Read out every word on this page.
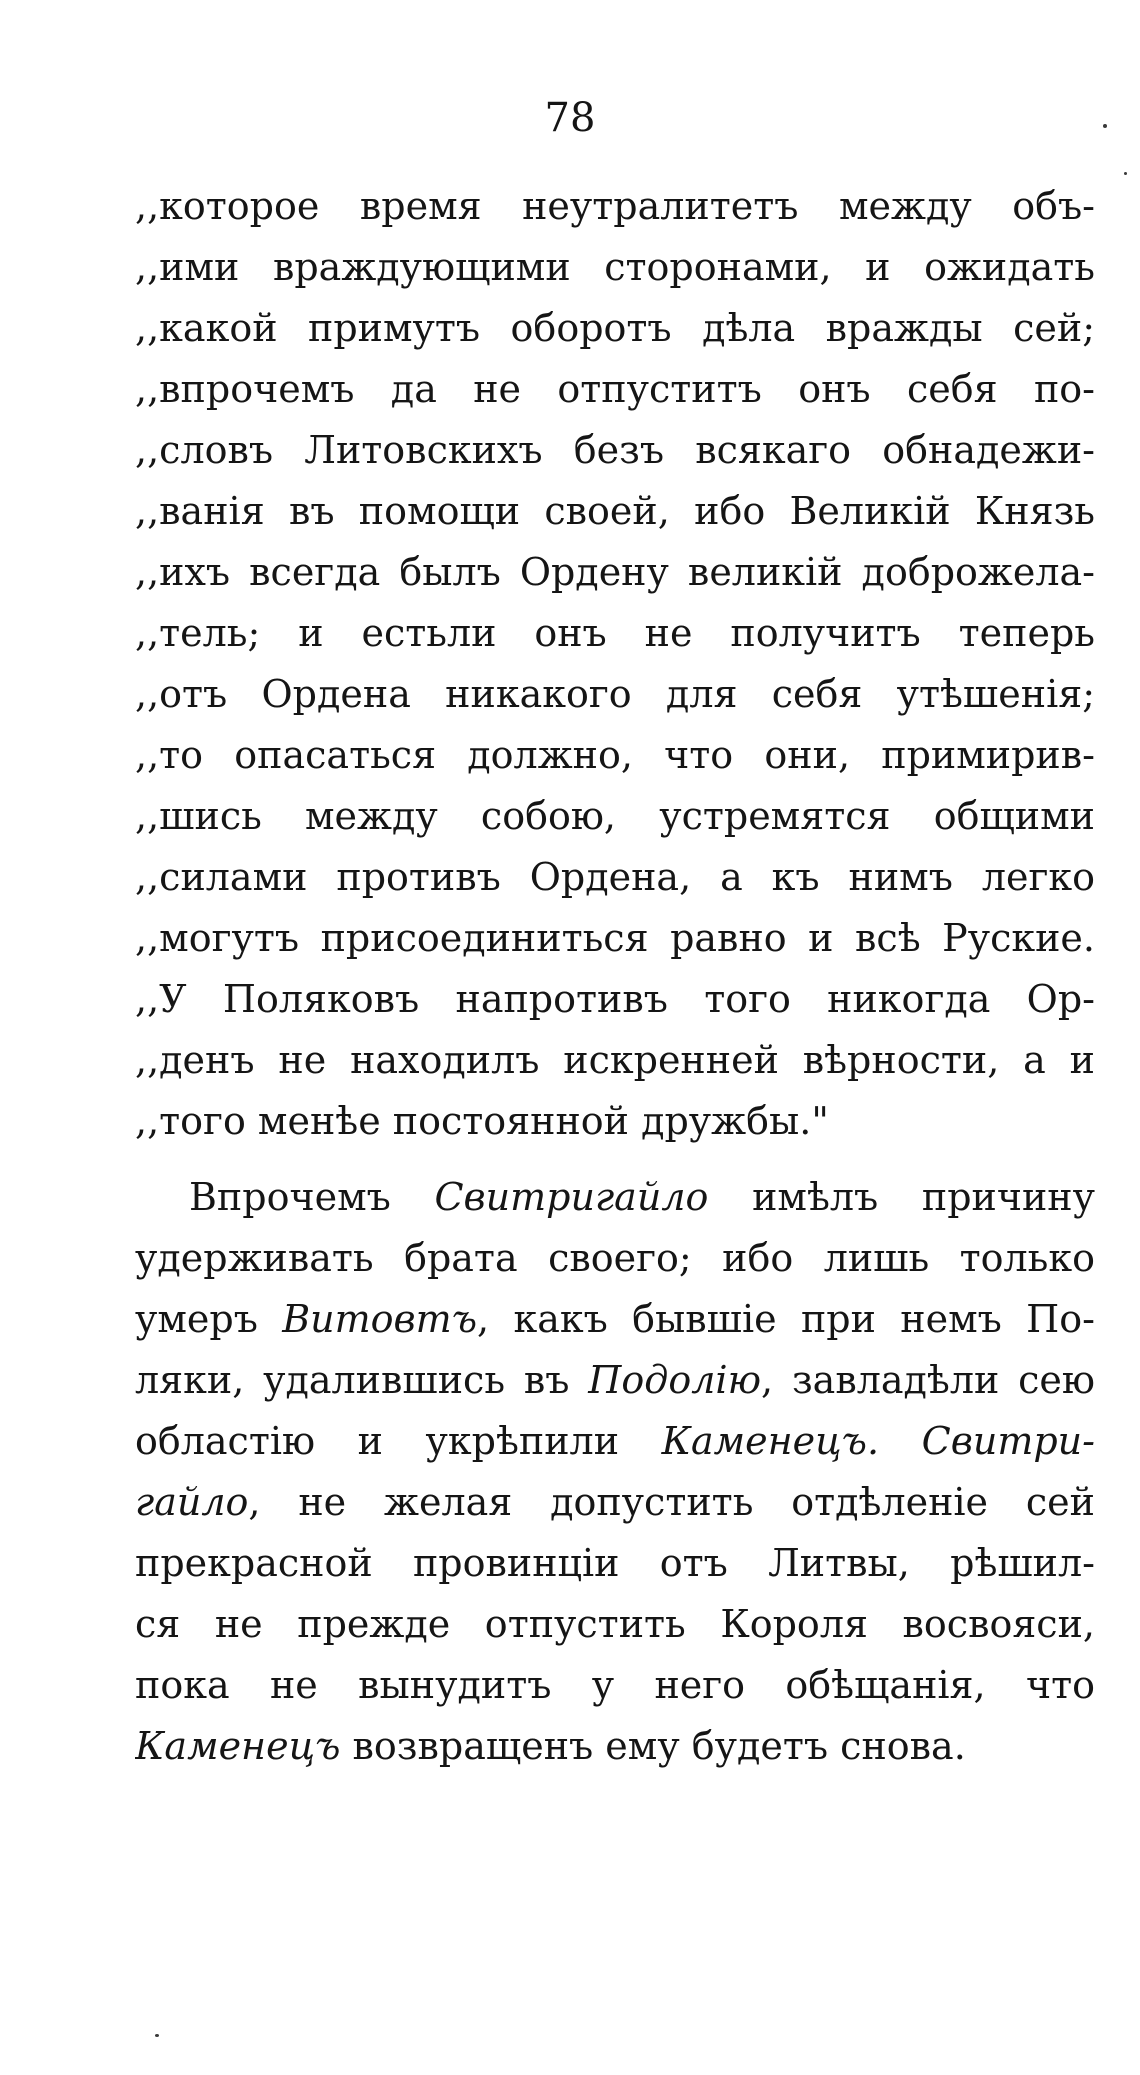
78
,,которое время неутралитетъ между объ-
,,ими враждующими сторонами, и ожидать
,,какой примутъ оборотъ дѣла вражды сей;
,,впрочемъ да не отпуститъ онъ себя по-
,,словъ Литовскихъ безъ всякаго обнадежи-
,,ванія въ помощи своей, ибо Великій Князь
,,ихъ всегда былъ Ордену великій доброжела-
,,тель; и естьли онъ не получитъ теперь
,,отъ Ордена никакого для себя утѣшенія;
,,то опасаться должно, что они, примирив-
,,шись между собою, устремятся общими
,,силами противъ Ордена, а къ нимъ легко
,,могутъ присоединиться равно и всѣ Руские.
,,У Поляковъ напротивъ того никогда Ор-
,,денъ не находилъ искренней вѣрности, а и
,,того менѣе постоянной дружбы."
Впрочемъ Свитригайло имѣлъ причину
удерживать брата своего; ибо лишь только
умеръ Витовтъ, какъ бывшіе при немъ По-
ляки, удалившись въ Подолію, завладѣли сею
областію и укрѣпили Каменецъ. Свитри-
гайло, не желая допустить отдѣленіе сей
прекрасной провинціи отъ Литвы, рѣшил-
ся не прежде отпустить Короля восвояси,
пока не вынудитъ у него обѣщанія, что
Каменецъ возвращенъ ему будетъ снова.
